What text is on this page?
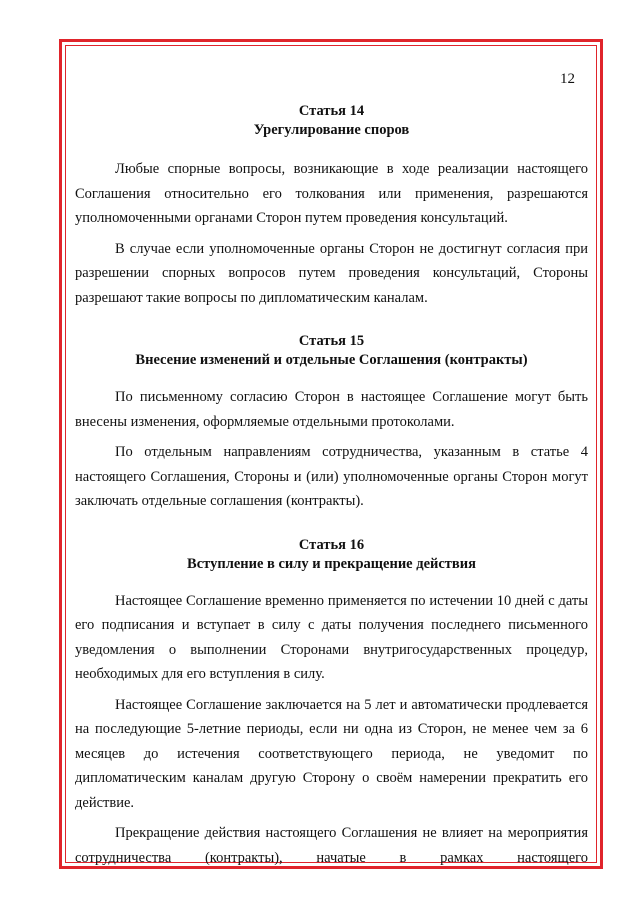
12
Статья 14
Урегулирование споров

Любые спорные вопросы, возникающие в ходе реализации настоящего Соглашения относительно его толкования или применения, разрешаются уполномоченными органами Сторон путем проведения консультаций.

В случае если уполномоченные органы Сторон не достигнут согласия при разрешении спорных вопросов путем проведения консультаций, Стороны разрешают такие вопросы по дипломатическим каналам.

Статья 15
Внесение изменений и отдельные Соглашения (контракты)

По письменному согласию Сторон в настоящее Соглашение могут быть внесены изменения, оформляемые отдельными протоколами.

По отдельным направлениям сотрудничества, указанным в статье 4 настоящего Соглашения, Стороны и (или) уполномоченные органы Сторон могут заключать отдельные соглашения (контракты).

Статья 16
Вступление в силу и прекращение действия

Настоящее Соглашение временно применяется по истечении 10 дней с даты его подписания и вступает в силу с даты получения последнего письменного уведомления о выполнении Сторонами внутригосударственных процедур, необходимых для его вступления в силу.

Настоящее Соглашение заключается на 5 лет и автоматически продлевается на последующие 5-летние периоды, если ни одна из Сторон, не менее чем за 6 месяцев до истечения соответствующего периода, не уведомит по дипломатическим каналам другую Сторону о своём намерении прекратить его действие.

Прекращение действия настоящего Соглашения не влияет на мероприятия сотрудничества (контракты), начатые в рамках настоящего
